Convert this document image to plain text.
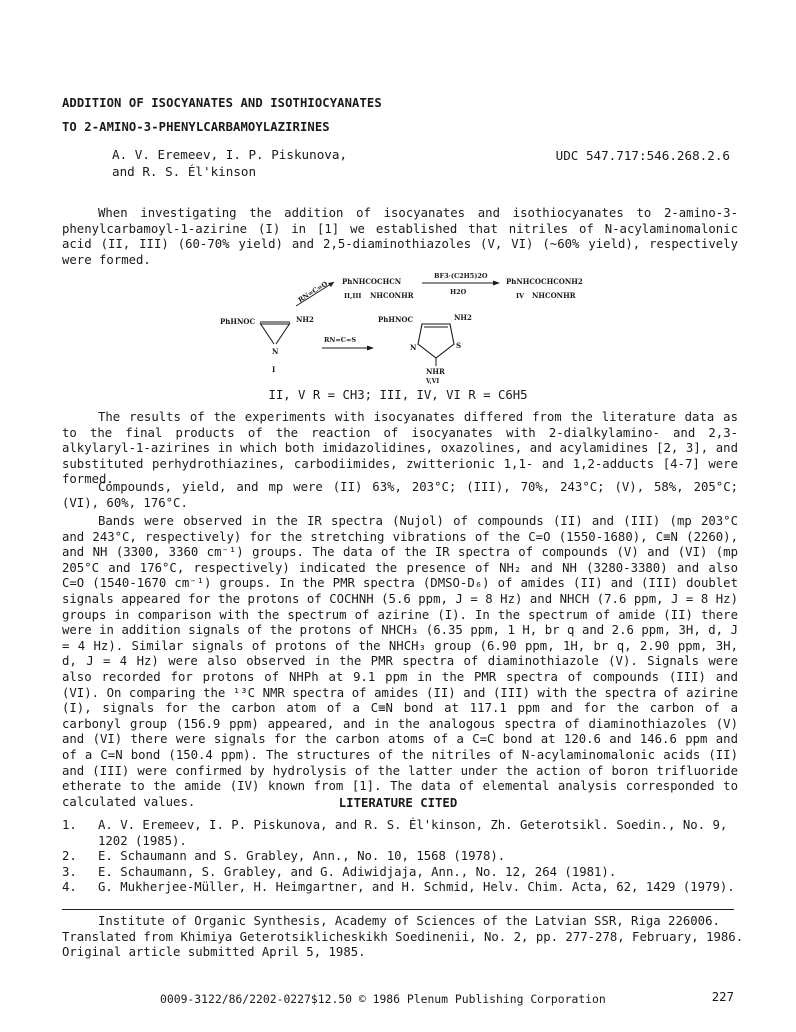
ADDITION OF ISOCYANATES AND ISOTHIOCYANATES
TO 2-AMINO-3-PHENYLCARBAMOYLAZIRINES
A. V. Eremeev, I. P. Piskunova,
and R. S. Él'kinson
UDC 547.717:546.268.2.6

When investigating the addition of isocyanates and isothiocyanates to 2-amino-3-phenylcarbamoyl-1-azirine (I) in [1] we established that nitriles of N-acylaminomalonic acid (II, III) (60-70% yield) and 2,5-diaminothiazoles (V, VI) (~60% yield), respectively were formed.

PhHNOC	NH2
N
I
RN=C=O PhNHCOCHCN
II,III NHCONHR
BF3·(C2H5)2O
H2O
PhNHCOCHCONH2
IV NHCONHR
RN=C=S
PhHNOC	NH2
N	S
NHR
V,VI
II, V R = CH3; III, IV, VI R = C6H5

The results of the experiments with isocyanates differed from the literature data as to the final products of the reaction of isocyanates with 2-dialkylamino- and 2,3-alkylaryl-1-azirines in which both imidazolidines, oxazolines, and acylamidines [2, 3], and substituted perhydrothiazines, carbodiimides, zwitterionic 1,1- and 1,2-adducts [4-7] were formed.

Compounds, yield, and mp were (II) 63%, 203°C; (III), 70%, 243°C; (V), 58%, 205°C; (VI), 60%, 176°C.

Bands were observed in the IR spectra (Nujol) of compounds (II) and (III) (mp 203°C and 243°C, respectively) for the stretching vibrations of the C=O (1550-1680), C≡N (2260), and NH (3300, 3360 cm⁻¹) groups. The data of the IR spectra of compounds (V) and (VI) (mp 205°C and 176°C, respectively) indicated the presence of NH₂ and NH (3280-3380) and also C=O (1540-1670 cm⁻¹) groups. In the PMR spectra (DMSO-D₆) of amides (II) and (III) doublet signals appeared for the protons of COCHNH (5.6 ppm, J = 8 Hz) and NHCH (7.6 ppm, J = 8 Hz) groups in comparison with the spectrum of azirine (I). In the spectrum of amide (II) there were in addition signals of the protons of NHCH₃ (6.35 ppm, 1 H, br q and 2.6 ppm, 3H, d, J = 4 Hz). Similar signals of protons of the NHCH₃ group (6.90 ppm, 1H, br q, 2.90 ppm, 3H, d, J = 4 Hz) were also observed in the PMR spectra of diaminothiazole (V). Signals were also recorded for protons of NHPh at 9.1 ppm in the PMR spectra of compounds (III) and (VI). On comparing the ¹³C NMR spectra of amides (II) and (III) with the spectra of azirine (I), signals for the carbon atom of a C≡N bond at 117.1 ppm and for the carbon of a carbonyl group (156.9 ppm) appeared, and in the analogous spectra of diaminothiazoles (V) and (VI) there were signals for the carbon atoms of a C=C bond at 120.6 and 146.6 ppm and of a C=N bond (150.4 ppm). The structures of the nitriles of N-acylaminomalonic acids (II) and (III) were confirmed by hydrolysis of the latter under the action of boron trifluoride etherate to the amide (IV) known from [1]. The data of elemental analysis corresponded to calculated values.	LITERATURE CITED
1.	A. V. Eremeev, I. P. Piskunova, and R. S. Él'kinson, Zh. Geterotsikl. Soedin., No. 9, 1202 (1985).
2.	E. Schaumann and S. Grabley, Ann., No. 10, 1568 (1978).
3.	E. Schaumann, S. Grabley, and G. Adiwidjaja, Ann., No. 12, 264 (1981).
4.	G. Mukherjee-Müller, H. Heimgartner, and H. Schmid, Helv. Chim. Acta, 62, 1429 (1979).

Institute of Organic Synthesis, Academy of Sciences of the Latvian SSR, Riga 226006. Translated from Khimiya Geterotsiklicheskikh Soedinenii, No. 2, pp. 277-278, February, 1986. Original article submitted April 5, 1985.

0009-3122/86/2202-0227$12.50 © 1986 Plenum Publishing Corporation	227
